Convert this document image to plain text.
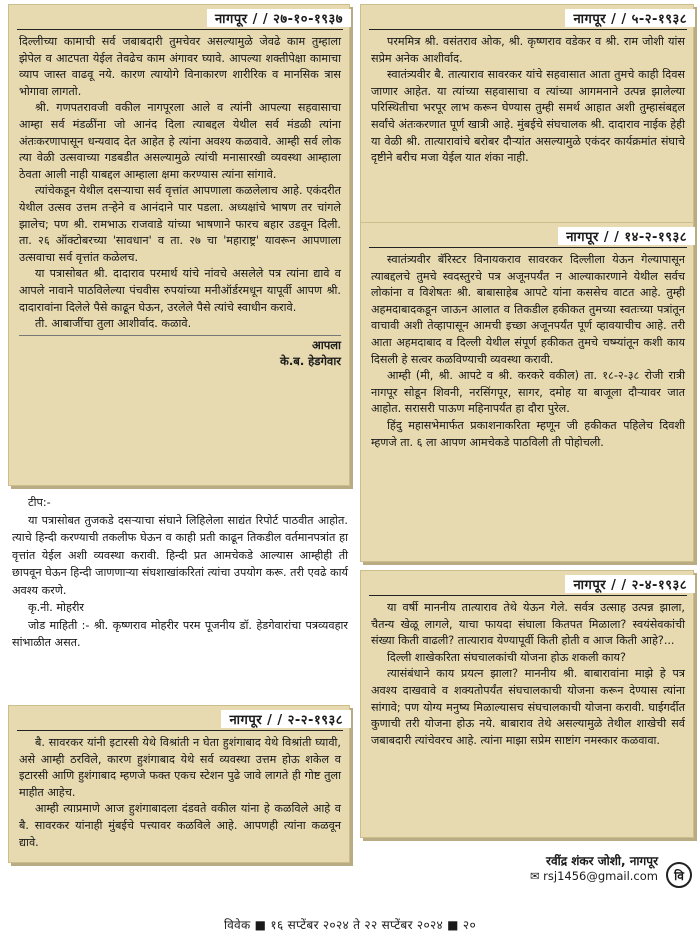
नागपूर / / २७-१०-१९३७

दिल्लीच्या कामाची सर्व जबाबदारी तुमचेवर असल्यामुळे जेवढे काम तुम्हाला झेपेल व आटपता येईल तेवढेच काम अंगावर घ्यावे. आपल्या शक्तीपेक्षा कामाचा व्याप जास्त वाढवू नये. कारण त्यायोगे विनाकारण शारीरिक व मानसिक त्रास भोगावा लागतो.

श्री. गणपतरावजी वकील नागपूरला आले व त्यांनी आपल्या सहवासाचा आम्हा सर्व मंडळींना जो आनंद दिला त्याबद्दल येथील सर्व मंडळी त्यांना अंतःकरणापासून धन्यवाद देत आहेत हे त्यांना अवश्य कळवावे. आम्ही सर्व लोक त्या वेळी उत्सवाच्या गडबडीत असल्यामुळे त्यांची मनासारखी व्यवस्था आम्हाला ठेवता आली नाही याबद्दल आम्हाला क्षमा करण्यास त्यांना सांगावे.

त्यांचेकडून येथील दसऱ्याचा सर्व वृत्तांत आपणाला कळलेलाच आहे. एकंदरीत येथील उत्सव उत्तम तऱ्हेने व आनंदाने पार पडला. अध्यक्षांचे भाषण तर चांगले झालेच; पण श्री. रामभाऊ राजवाडे यांच्या भाषणाने फारच बहार उडवून दिली. ता. २६ ऑक्टोबरच्या 'सावधान' व ता. २७ चा 'महाराष्ट्र' यावरून आपणाला उत्सवाचा सर्व वृत्तांत कळेलच.

या पत्रासोबत श्री. दादाराव परमार्थ यांचे नांवचे असलेले पत्र त्यांना द्यावे व आपले नावाने पाठविलेल्या पंचवीस रुपयांच्या मनीऑर्डरमधून यापूर्वी आपण श्री. दादारावांना दिलेले पैसे काढून घेऊन, उरलेले पैसे त्यांचे स्वाधीन करावे.

ती. आबाजींचा तुला आशीर्वाद. कळावे.

आपला
के.ब. हेडगेवार

टीप:-

या पत्रासोबत तुजकडे दसऱ्याचा संघाने लिहिलेला साद्यंत रिपोर्ट पाठवीत आहोत. त्याचे हिन्दी करण्याची तकलीफ घेऊन व काही प्रती काढून तिकडील वर्तमानपत्रांत हा वृत्तांत येईल अशी व्यवस्था करावी. हिन्दी प्रत आमचेकडे आल्यास आम्हीही ती छापवून घेऊन हिन्दी जाणणाऱ्या संघशाखांकरितां त्यांचा उपयोग करू. तरी एवढे कार्य अवश्य करणे.

कृ.नी. मोहरीर

जोड माहिती :- श्री. कृष्णराव मोहरीर परम पूजनीय डॉ. हेडगेवारांचा पत्रव्यवहार सांभाळीत असत.

नागपूर / / २-२-१९३८

बै. सावरकर यांनी इटारसी येथे विश्रांती न घेता हुशंगाबाद येथे विश्रांती घ्यावी, असे आम्ही ठरविले, कारण हुशंगाबाद येथे सर्व व्यवस्था उत्तम होऊ शकेल व इटारसी आणि हुशंगाबाद म्हणजे फक्त एकच स्टेशन पुढे जावे लागते ही गोष्ट तुला माहीत आहेच.

आम्ही त्याप्रमाणे आज हुशंगाबादला दंडवते वकील यांना हे कळविले आहे व बै. सावरकर यांनाही मुंबईचे पत्त्यावर कळविले आहे. आपणही त्यांना कळवून द्यावे.

नागपूर / / ५-२-१९३८

परममित्र श्री. वसंतराव ओक, श्री. कृष्णराव वडेकर व श्री. राम जोशी यांस सप्रेम अनेक आशीर्वाद.

स्वातंत्र्यवीर बै. तात्याराव सावरकर यांचे सहवासात आता तुमचे काही दिवस जाणार आहेत. या त्यांच्या सहवासाचा व त्यांच्या आगमनाने उत्पन्न झालेल्या परिस्थितीचा भरपूर लाभ करून घेण्यास तुम्ही समर्थ आहात अशी तुम्हासंबद्दल सर्वांचे अंतःकरणात पूर्ण खात्री आहे. मुंबईचे संघचालक श्री. दादाराव नाईक हेही या वेळी श्री. तात्यारावांचे बरोबर दौऱ्यांत असल्यामुळे एकंदर कार्यक्रमांत संघाचे दृष्टीने बरीच मजा येईल यात शंका नाही.

नागपूर / / १४-२-१९३८

स्वातंत्र्यवीर बॅरिस्टर विनायकराव सावरकर दिल्लीला येऊन गेल्यापासून त्याबद्दलचे तुमचे स्वदस्तुरचे पत्र अजूनपर्यंत न आल्याकारणाने येथील सर्वच लोकांना व विशेषतः श्री. बाबासाहेब आपटे यांना कससेच वाटत आहे. तुम्ही अहमदाबादकडून जाऊन आलात व तिकडील हकीकत तुमच्या स्वतःच्या पत्रांतून वाचावी अशी तेव्हापासून आमची इच्छा अजूनपर्यंत पूर्ण व्हावयाचीच आहे. तरी आता अहमदाबाद व दिल्ली येथील संपूर्ण हकीकत तुमचे चष्म्यांतून कशी काय दिसली हे सत्वर कळविण्याची व्यवस्था करावी.

आम्ही (मी, श्री. आपटे व श्री. करकरे वकील) ता. १८-२-३८ रोजी रात्री नागपूर सोडून शिवनी, नरसिंगपूर, सागर, दमोह या बाजूला दौऱ्यावर जात आहोत. सरासरी पाऊण महिनापर्यंत हा दौरा पुरेल.

हिंदु महासभेमार्फत प्रकाशनाकरिता म्हणून जी हकीकत पहिलेच दिवशी म्हणजे ता. ६ ला आपण आमचेकडे पाठविली ती पोहोचली.

नागपूर / / २-४-१९३८

या वर्षी माननीय तात्याराव तेथे येऊन गेले. सर्वत्र उत्साह उत्पन्न झाला, चैतन्य खेळू लागले, याचा फायदा संघाला कितपत मिळाला? स्वयंसेवकांची संख्या किती वाढली? तात्याराव येण्यापूर्वी किती होती व आज किती आहे?...

दिल्ली शाखेकरिता संघचालकांची योजना होऊ शकली काय?

त्यासंबंधाने काय प्रयत्न झाला? माननीय श्री. बाबारावांना माझे हे पत्र अवश्य दाखवावे व शक्यतोपर्यंत संघचालकाची योजना करून देण्यास त्यांना सांगावे; पण योग्य मनुष्य मिळाल्यासच संघचालकाची योजना करावी. घाईगर्दीत कुणाची तरी योजना होऊ नये. बाबाराव तेथे असल्यामुळे तेथील शाखेची सर्व जबाबदारी त्यांचेवरच आहे. त्यांना माझा सप्रेम साष्टांग नमस्कार कळवावा.

रवींद्र शंकर जोशी, नागपूर
✉ rsj1456@gmail.com वि
विवेक ■ १६ सप्टेंबर २०२४ ते २२ सप्टेंबर २०२४ ■ २०
